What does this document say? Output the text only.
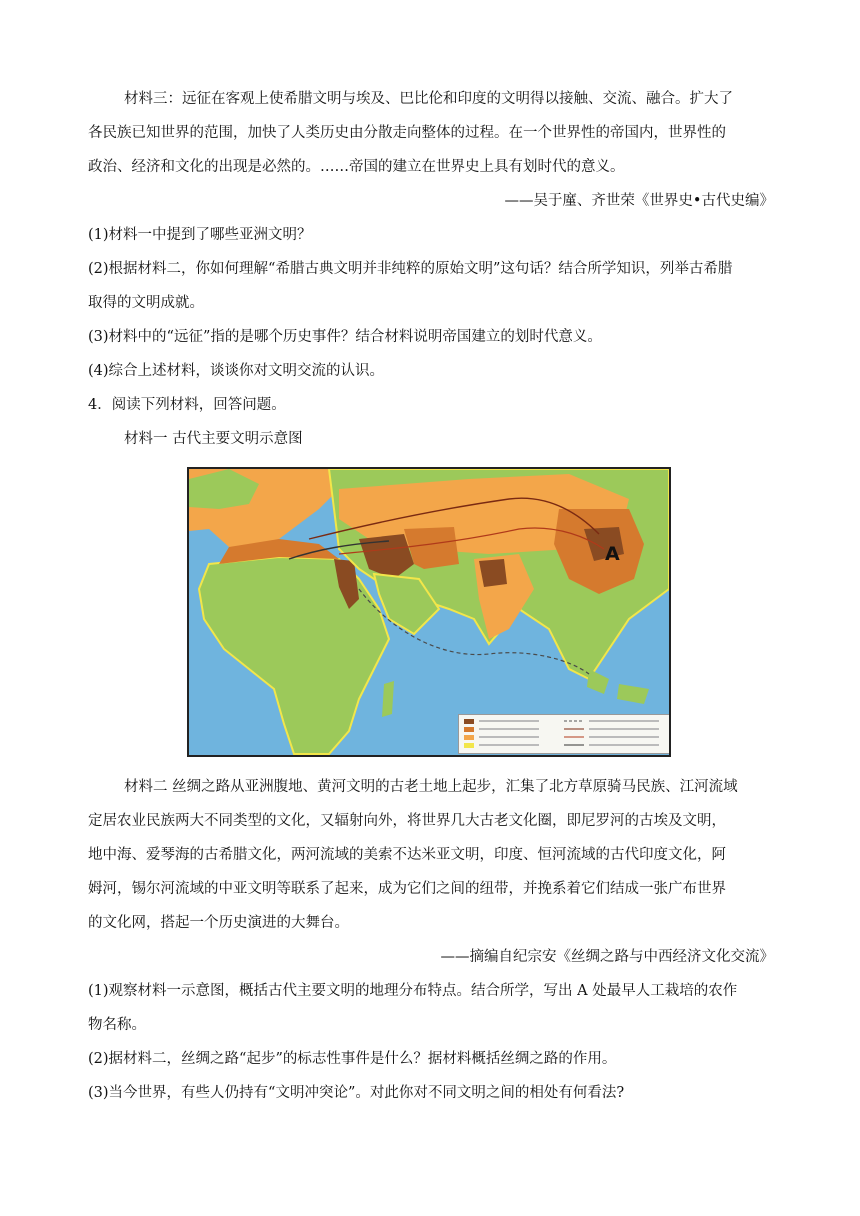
材料三：远征在客观上使希腊文明与埃及、巴比伦和印度的文明得以接触、交流、融合。扩大了
各民族已知世界的范围，加快了人类历史由分散走向整体的过程。在一个世界性的帝国内，世界性的
政治、经济和文化的出现是必然的。……帝国的建立在世界史上具有划时代的意义。
——吴于廑、齐世荣《世界史•古代史编》
(1)材料一中提到了哪些亚洲文明？
(2)根据材料二，你如何理解“希腊古典文明并非纯粹的原始文明”这句话？结合所学知识，列举古希腊
取得的文明成就。
(3)材料中的“远征”指的是哪个历史事件？结合材料说明帝国建立的划时代意义。
(4)综合上述材料，谈谈你对文明交流的认识。
4．阅读下列材料，回答问题。
材料一 古代主要文明示意图
A
材料二 丝绸之路从亚洲腹地、黄河文明的古老土地上起步，汇集了北方草原骑马民族、江河流域
定居农业民族两大不同类型的文化，又辐射向外，将世界几大古老文化圈，即尼罗河的古埃及文明，
地中海、爱琴海的古希腊文化，两河流域的美索不达米亚文明，印度、恒河流域的古代印度文化，阿
姆河，锡尔河流域的中亚文明等联系了起来，成为它们之间的纽带，并挽系着它们结成一张广布世界
的文化网，搭起一个历史演进的大舞台。
——摘编自纪宗安《丝绸之路与中西经济文化交流》
(1)观察材料一示意图，概括古代主要文明的地理分布特点。结合所学，写出 A 处最早人工栽培的农作
物名称。
(2)据材料二，丝绸之路“起步”的标志性事件是什么？据材料概括丝绸之路的作用。
(3)当今世界，有些人仍持有“文明冲突论”。对此你对不同文明之间的相处有何看法?
